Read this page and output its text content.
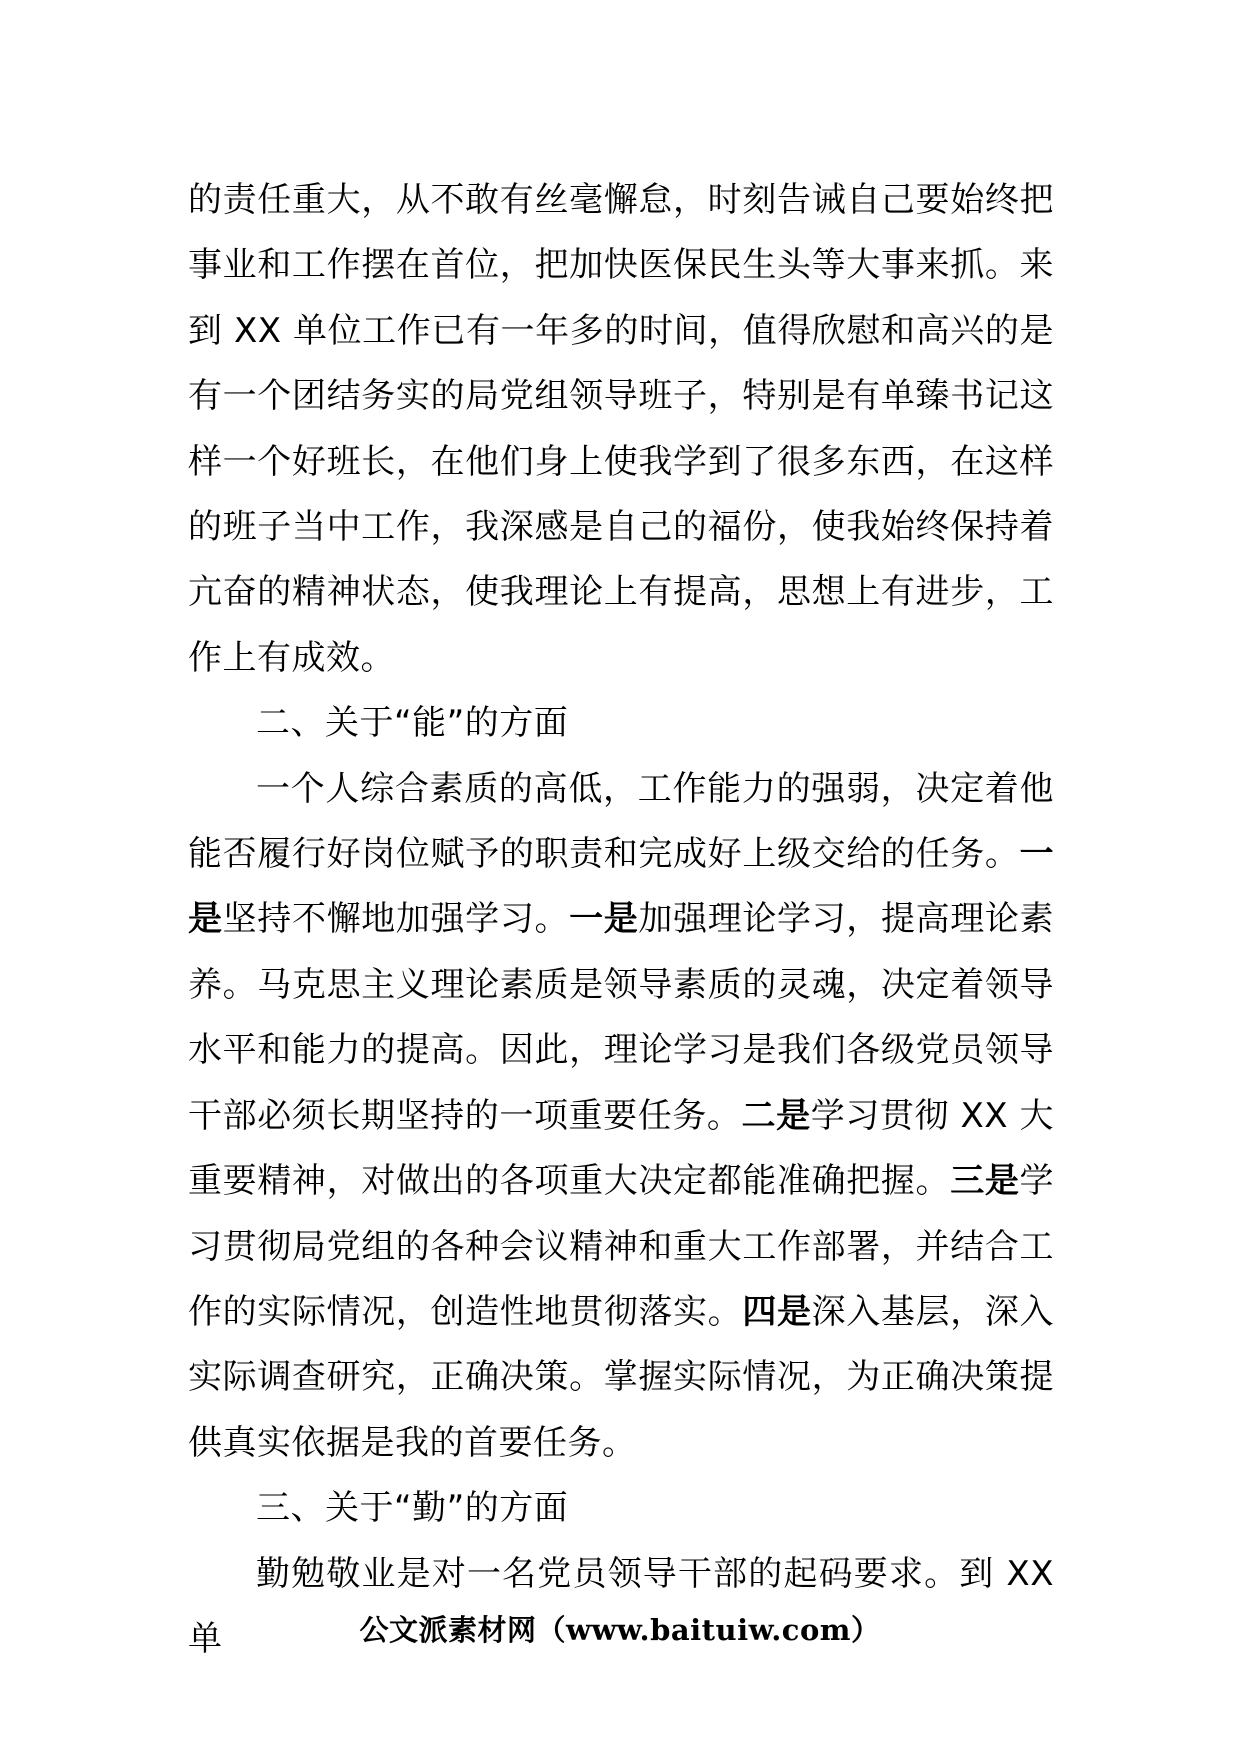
的责任重大，从不敢有丝毫懈怠，时刻告诫自己要始终把事业和工作摆在首位，把加快医保民生头等大事来抓。来到 XX 单位工作已有一年多的时间，值得欣慰和高兴的是有一个团结务实的局党组领导班子，特别是有单臻书记这样一个好班长，在他们身上使我学到了很多东西，在这样的班子当中工作，我深感是自己的福份，使我始终保持着亢奋的精神状态，使我理论上有提高，思想上有进步，工作上有成效。

二、关于“能”的方面

一个人综合素质的高低，工作能力的强弱，决定着他能否履行好岗位赋予的职责和完成好上级交给的任务。一是坚持不懈地加强学习。一是加强理论学习，提高理论素养。马克思主义理论素质是领导素质的灵魂，决定着领导水平和能力的提高。因此，理论学习是我们各级党员领导干部必须长期坚持的一项重要任务。二是学习贯彻 XX 大重要精神，对做出的各项重大决定都能准确把握。三是学习贯彻局党组的各种会议精神和重大工作部署，并结合工作的实际情况，创造性地贯彻落实。四是深入基层，深入实际调查研究，正确决策。掌握实际情况，为正确决策提供真实依据是我的首要任务。

三、关于“勤”的方面

勤勉敬业是对一名党员领导干部的起码要求。到 XX 单	公文派素材网（www.baituiw.com）
